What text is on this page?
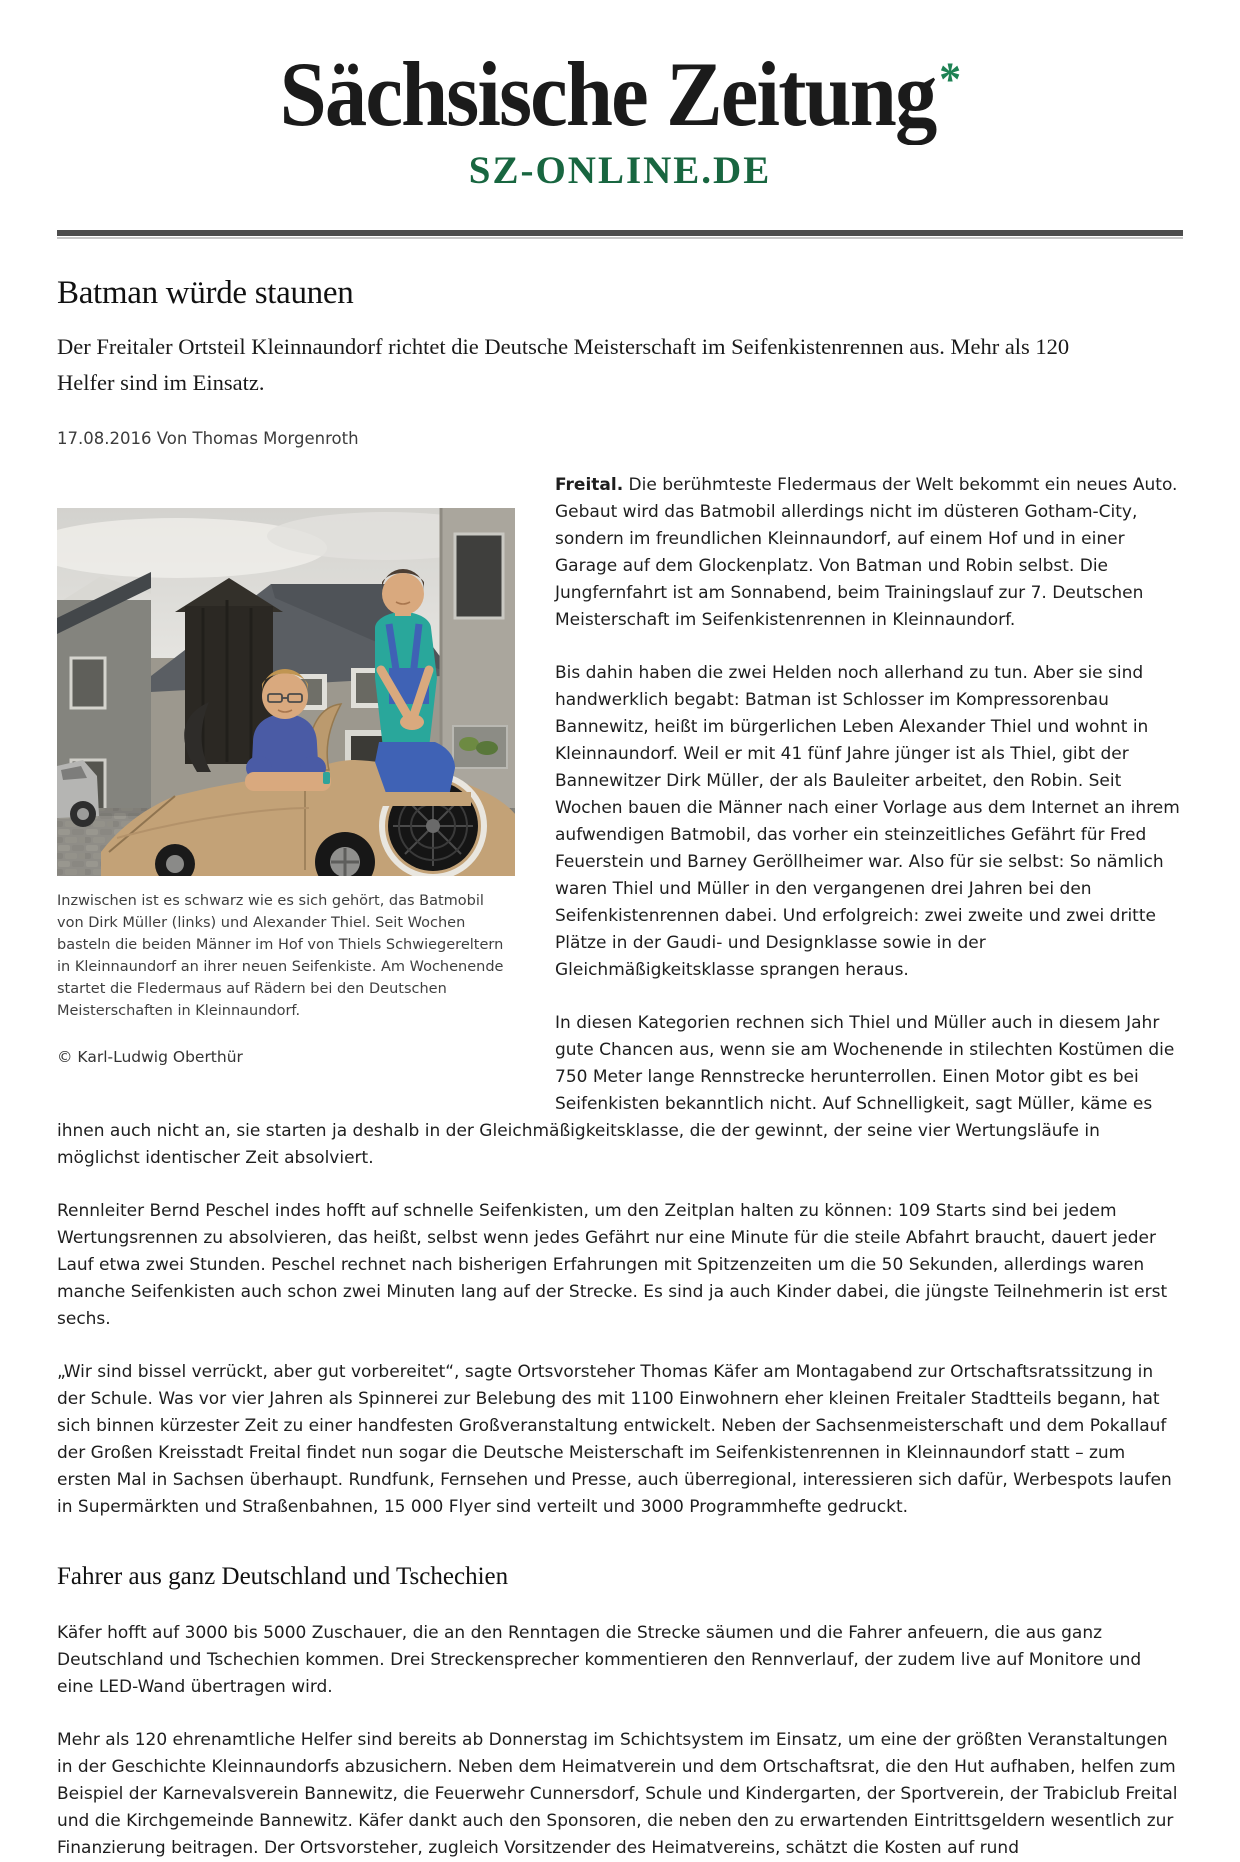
Sächsische Zeitung*
SZ-ONLINE.DE
Batman würde staunen
Der Freitaler Ortsteil Kleinnaundorf richtet die Deutsche Meisterschaft im Seifenkistenrennen aus. Mehr als 120 Helfer sind im Einsatz.
17.08.2016 Von Thomas Morgenroth
Inzwischen ist es schwarz wie es sich gehört, das Batmobil von Dirk Müller (links) und Alexander Thiel. Seit Wochen basteln die beiden Männer im Hof von Thiels Schwiegereltern in Kleinnaundorf an ihrer neuen Seifenkiste. Am Wochenende startet die Fledermaus auf Rädern bei den Deutschen Meisterschaften in Kleinnaundorf.
© Karl-Ludwig Oberthür

Freital. Die berühmteste Fledermaus der Welt bekommt ein neues Auto. Gebaut wird das Batmobil allerdings nicht im düsteren Gotham-City, sondern im freundlichen Kleinnaundorf, auf einem Hof und in einer Garage auf dem Glockenplatz. Von Batman und Robin selbst. Die Jungfernfahrt ist am Sonnabend, beim Trainingslauf zur 7. Deutschen Meisterschaft im Seifenkistenrennen in Kleinnaundorf.

Bis dahin haben die zwei Helden noch allerhand zu tun. Aber sie sind handwerklich begabt: Batman ist Schlosser im Kompressorenbau Bannewitz, heißt im bürgerlichen Leben Alexander Thiel und wohnt in Kleinnaundorf. Weil er mit 41 fünf Jahre jünger ist als Thiel, gibt der Bannewitzer Dirk Müller, der als Bauleiter arbeitet, den Robin. Seit Wochen bauen die Männer nach einer Vorlage aus dem Internet an ihrem aufwendigen Batmobil, das vorher ein steinzeitliches Gefährt für Fred Feuerstein und Barney Geröllheimer war. Also für sie selbst: So nämlich waren Thiel und Müller in den vergangenen drei Jahren bei den Seifenkistenrennen dabei. Und erfolgreich: zwei zweite und zwei dritte Plätze in der Gaudi- und Designklasse sowie in der Gleichmäßigkeitsklasse sprangen heraus.

In diesen Kategorien rechnen sich Thiel und Müller auch in diesem Jahr gute Chancen aus, wenn sie am Wochenende in stilechten Kostümen die 750 Meter lange Rennstrecke herunterrollen. Einen Motor gibt es bei Seifenkisten bekanntlich nicht. Auf Schnelligkeit, sagt Müller, käme es ihnen auch nicht an, sie starten ja deshalb in der Gleichmäßigkeitsklasse, die der gewinnt, der seine vier Wertungsläufe in möglichst identischer Zeit absolviert.

Rennleiter Bernd Peschel indes hofft auf schnelle Seifenkisten, um den Zeitplan halten zu können: 109 Starts sind bei jedem Wertungsrennen zu absolvieren, das heißt, selbst wenn jedes Gefährt nur eine Minute für die steile Abfahrt braucht, dauert jeder Lauf etwa zwei Stunden. Peschel rechnet nach bisherigen Erfahrungen mit Spitzenzeiten um die 50 Sekunden, allerdings waren manche Seifenkisten auch schon zwei Minuten lang auf der Strecke. Es sind ja auch Kinder dabei, die jüngste Teilnehmerin ist erst sechs.

„Wir sind bissel verrückt, aber gut vorbereitet“, sagte Ortsvorsteher Thomas Käfer am Montagabend zur Ortschaftsratssitzung in der Schule. Was vor vier Jahren als Spinnerei zur Belebung des mit 1100 Einwohnern eher kleinen Freitaler Stadtteils begann, hat sich binnen kürzester Zeit zu einer handfesten Großveranstaltung entwickelt. Neben der Sachsenmeisterschaft und dem Pokallauf der Großen Kreisstadt Freital findet nun sogar die Deutsche Meisterschaft im Seifenkistenrennen in Kleinnaundorf statt – zum ersten Mal in Sachsen überhaupt. Rundfunk, Fernsehen und Presse, auch überregional, interessieren sich dafür, Werbespots laufen in Supermärkten und Straßenbahnen, 15 000 Flyer sind verteilt und 3000 Programmhefte gedruckt.

Fahrer aus ganz Deutschland und Tschechien

Käfer hofft auf 3000 bis 5000 Zuschauer, die an den Renntagen die Strecke säumen und die Fahrer anfeuern, die aus ganz Deutschland und Tschechien kommen. Drei Streckensprecher kommentieren den Rennverlauf, der zudem live auf Monitore und eine LED-Wand übertragen wird.

Mehr als 120 ehrenamtliche Helfer sind bereits ab Donnerstag im Schichtsystem im Einsatz, um eine der größten Veranstaltungen in der Geschichte Kleinnaundorfs abzusichern. Neben dem Heimatverein und dem Ortschaftsrat, die den Hut aufhaben, helfen zum Beispiel der Karnevalsverein Bannewitz, die Feuerwehr Cunnersdorf, Schule und Kindergarten, der Sportverein, der Trabiclub Freital und die Kirchgemeinde Bannewitz. Käfer dankt auch den Sponsoren, die neben den zu erwartenden Eintrittsgeldern wesentlich zur Finanzierung beitragen. Der Ortsvorsteher, zugleich Vorsitzender des Heimatvereins, schätzt die Kosten auf rund
